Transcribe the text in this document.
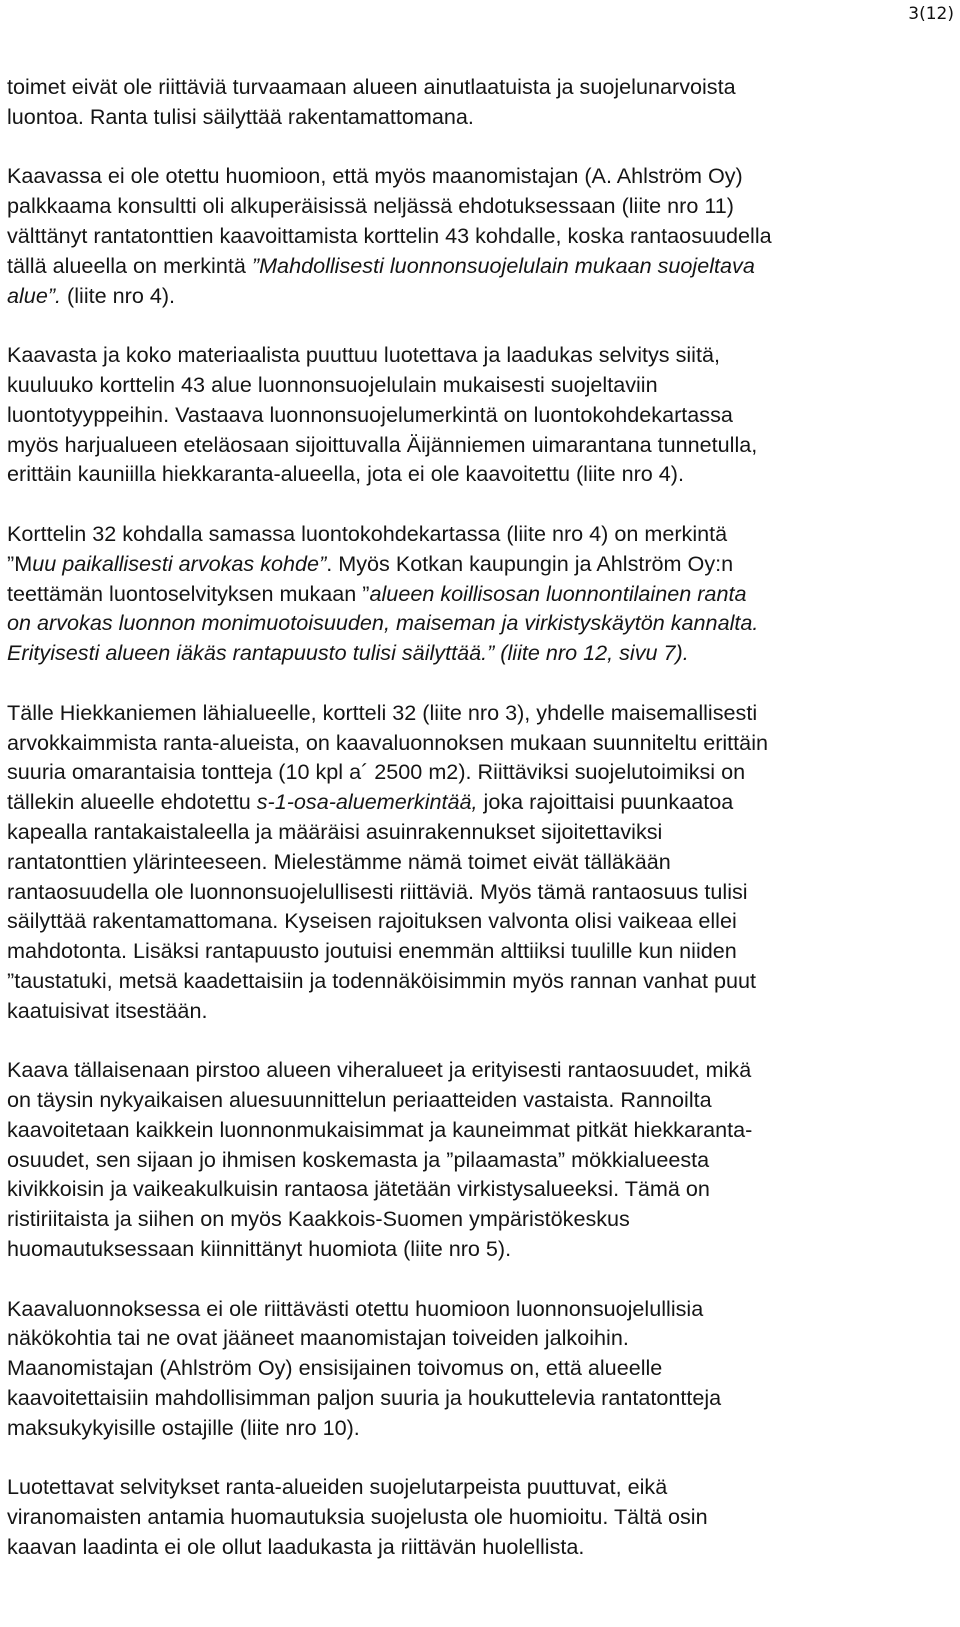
3(12)

toimet eivät ole riittäviä turvaamaan alueen ainutlaatuista ja suojelunarvoista
luontoa. Ranta tulisi säilyttää rakentamattomana.

Kaavassa ei ole otettu huomioon, että myös maanomistajan (A. Ahlström Oy)
palkkaama konsultti oli alkuperäisissä neljässä ehdotuksessaan (liite nro 11)
välttänyt rantatonttien kaavoittamista korttelin 43 kohdalle, koska rantaosuudella
tällä alueella on merkintä ”Mahdollisesti luonnonsuojelulain mukaan suojeltava
alue”. (liite nro 4).

Kaavasta ja koko materiaalista puuttuu luotettava ja laadukas selvitys siitä,
kuuluuko korttelin 43 alue luonnonsuojelulain mukaisesti suojeltaviin
luontotyyppeihin. Vastaava luonnonsuojelumerkintä on luontokohdekartassa
myös harjualueen eteläosaan sijoittuvalla Äijänniemen uimarantana tunnetulla,
erittäin kauniilla hiekkaranta-alueella, jota ei ole kaavoitettu (liite nro 4).

Korttelin 32 kohdalla samassa luontokohdekartassa (liite nro 4) on merkintä
”Muu paikallisesti arvokas kohde”. Myös Kotkan kaupungin ja Ahlström Oy:n
teettämän luontoselvityksen mukaan ”alueen koillisosan luonnontilainen ranta
on arvokas luonnon monimuotoisuuden, maiseman ja virkistyskäytön kannalta.
Erityisesti alueen iäkäs rantapuusto tulisi säilyttää.” (liite nro 12, sivu 7).

Tälle Hiekkaniemen lähialueelle, kortteli 32 (liite nro 3), yhdelle maisemallisesti
arvokkaimmista ranta-alueista, on kaavaluonnoksen mukaan suunniteltu erittäin
suuria omarantaisia tontteja (10 kpl a´ 2500 m2). Riittäviksi suojelutoimiksi on
tällekin alueelle ehdotettu s-1-osa-aluemerkintää, joka rajoittaisi puunkaatoa
kapealla rantakaistaleella ja määräisi asuinrakennukset sijoitettaviksi
rantatonttien ylärinteeseen. Mielestämme nämä toimet eivät tälläkään
rantaosuudella ole luonnonsuojelullisesti riittäviä. Myös tämä rantaosuus tulisi
säilyttää rakentamattomana. Kyseisen rajoituksen valvonta olisi vaikeaa ellei
mahdotonta. Lisäksi rantapuusto joutuisi enemmän alttiiksi tuulille kun niiden
”taustatuki, metsä kaadettaisiin ja todennäköisimmin myös rannan vanhat puut
kaatuisivat itsestään.

Kaava tällaisenaan pirstoo alueen viheralueet ja erityisesti rantaosuudet, mikä
on täysin nykyaikaisen aluesuunnittelun periaatteiden vastaista. Rannoilta
kaavoitetaan kaikkein luonnonmukaisimmat ja kauneimmat pitkät hiekkaranta-
osuudet, sen sijaan jo ihmisen koskemasta ja ”pilaamasta” mökkialueesta
kivikkoisin ja vaikeakulkuisin rantaosa jätetään virkistysalueeksi. Tämä on
ristiriitaista ja siihen on myös Kaakkois-Suomen ympäristökeskus
huomautuksessaan kiinnittänyt huomiota (liite nro 5).

Kaavaluonnoksessa ei ole riittävästi otettu huomioon luonnonsuojelullisia
näkökohtia tai ne ovat jääneet maanomistajan toiveiden jalkoihin.
Maanomistajan (Ahlström Oy) ensisijainen toivomus on, että alueelle
kaavoitettaisiin mahdollisimman paljon suuria ja houkuttelevia rantatontteja
maksukykyisille ostajille (liite nro 10).

Luotettavat selvitykset ranta-alueiden suojelutarpeista puuttuvat, eikä
viranomaisten antamia huomautuksia suojelusta ole huomioitu. Tältä osin
kaavan laadinta ei ole ollut laadukasta ja riittävän huolellista.
